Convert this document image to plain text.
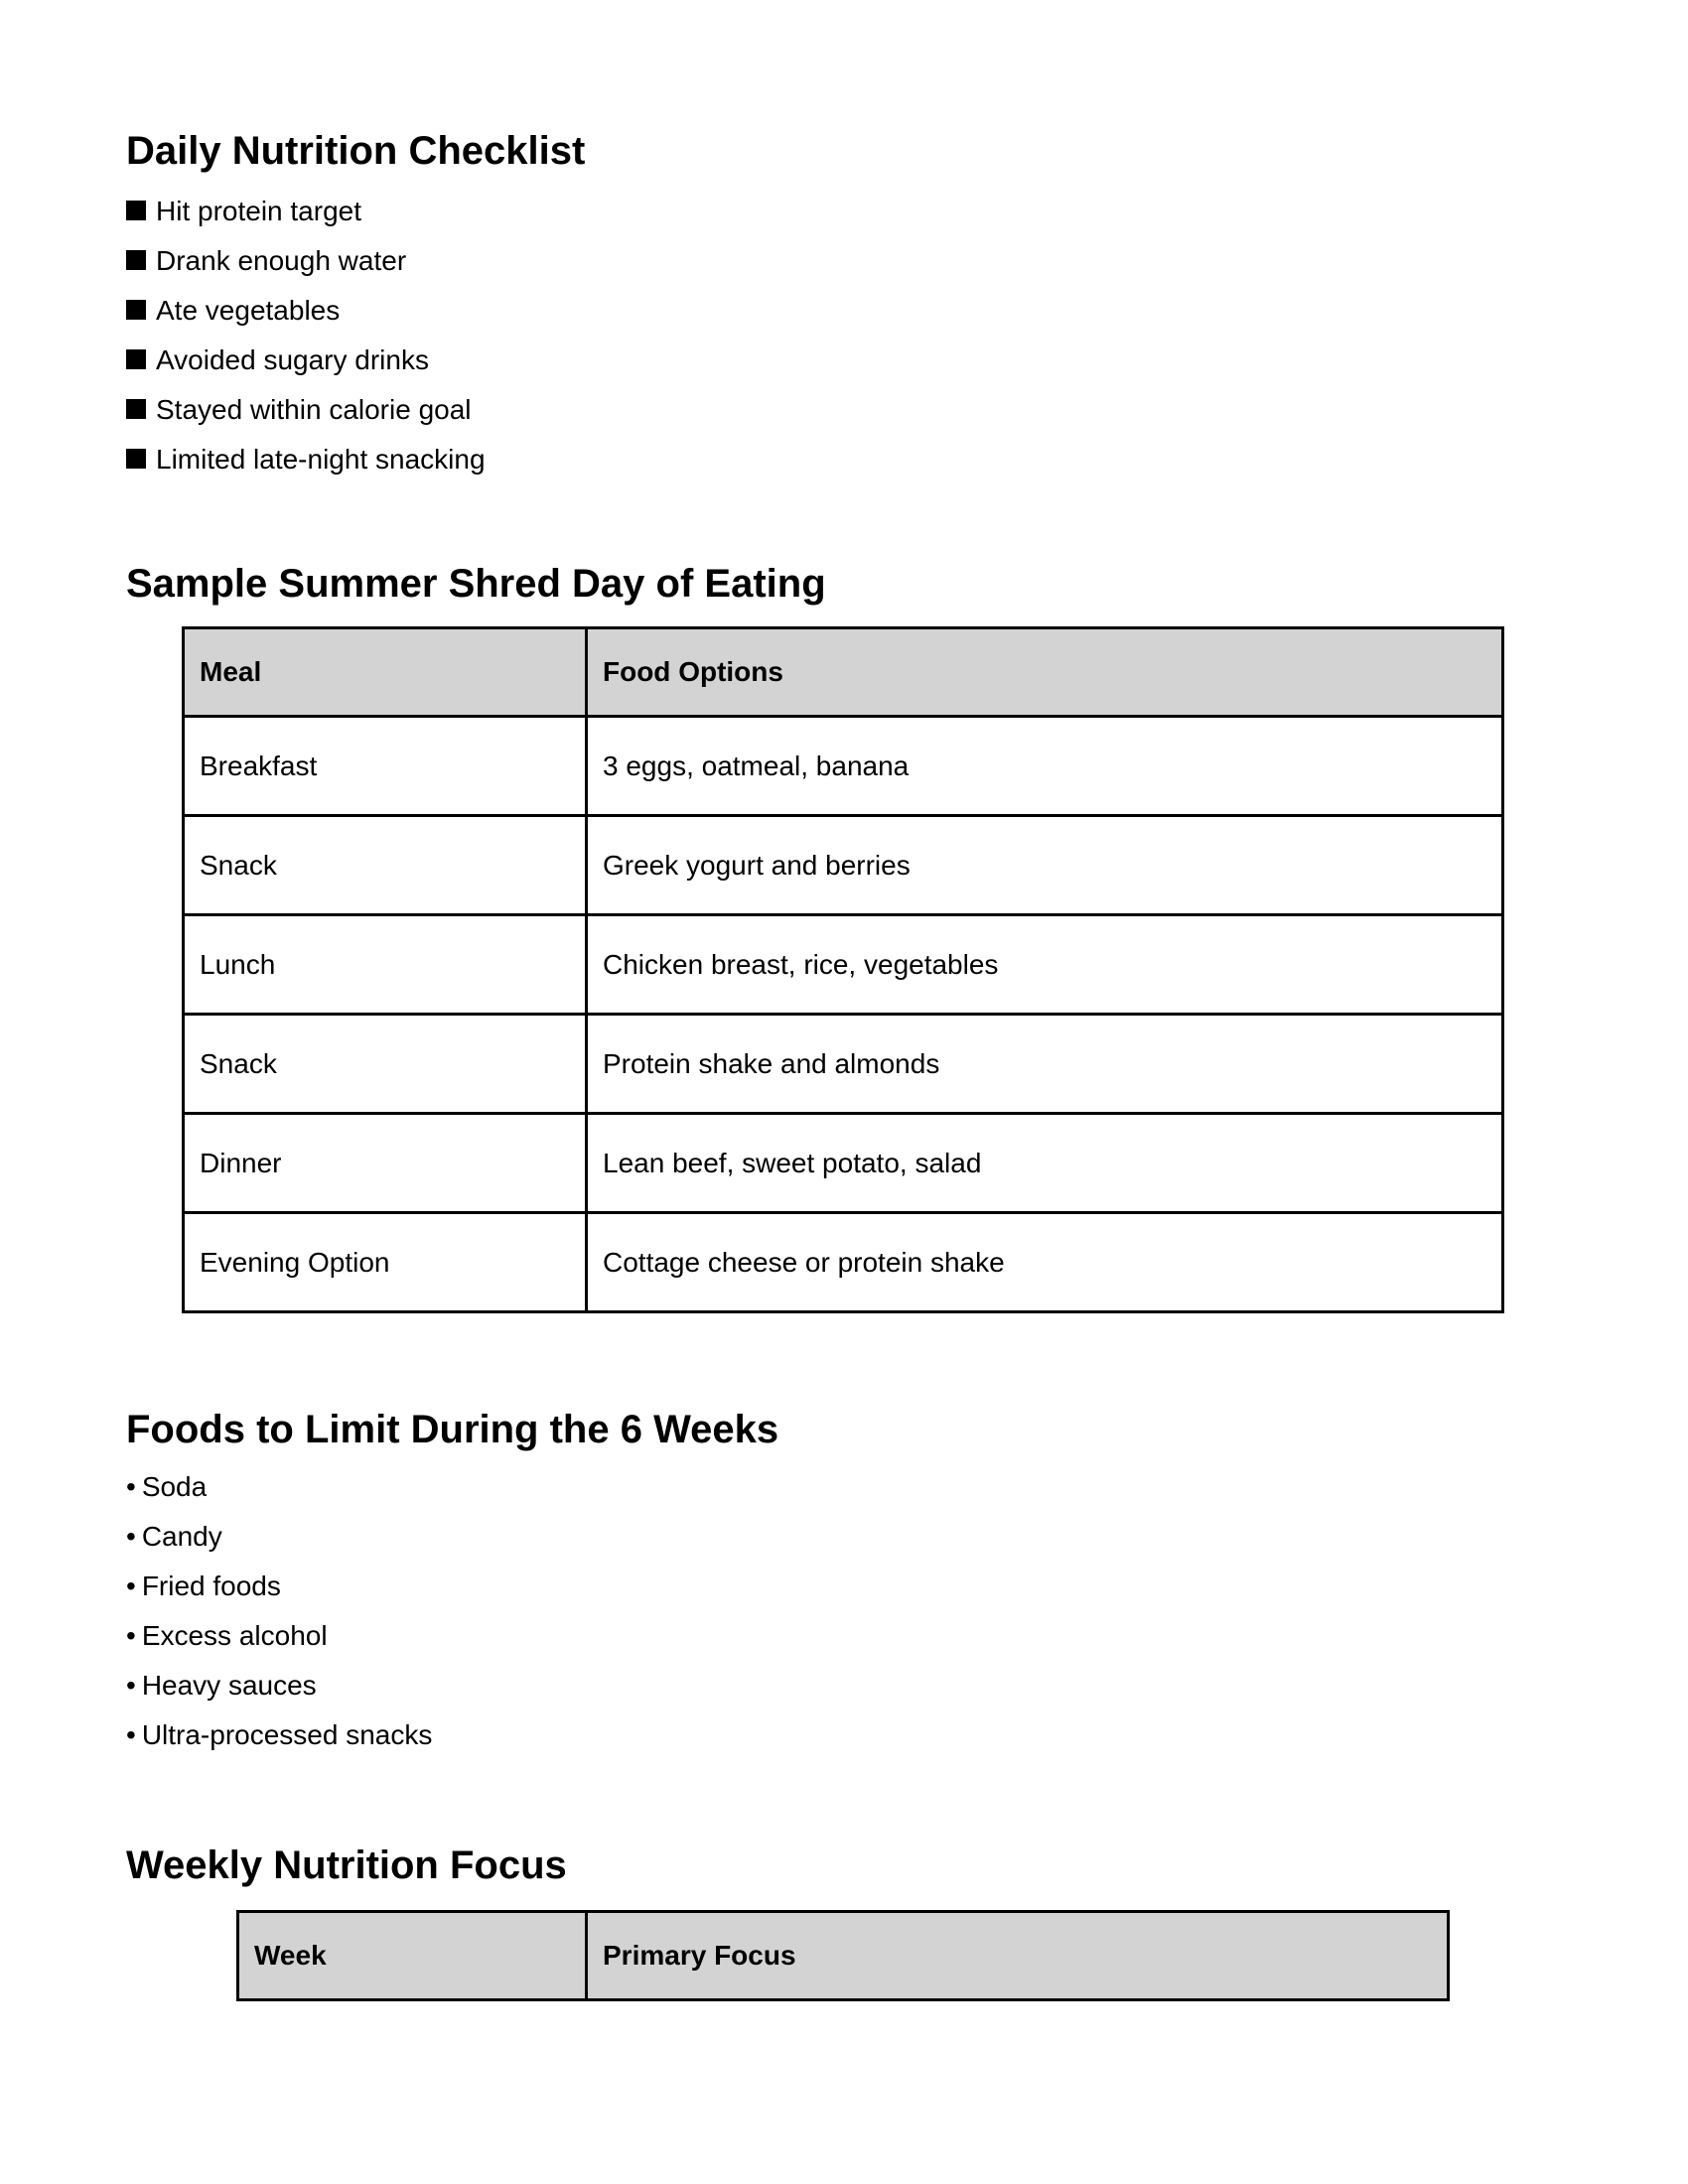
Daily Nutrition Checklist
Hit protein target
Drank enough water
Ate vegetables
Avoided sugary drinks
Stayed within calorie goal
Limited late-night snacking
Sample Summer Shred Day of Eating
Meal	Food Options
Breakfast	3 eggs, oatmeal, banana
Snack	Greek yogurt and berries
Lunch	Chicken breast, rice, vegetables
Snack	Protein shake and almonds
Dinner	Lean beef, sweet potato, salad
Evening Option	Cottage cheese or protein shake
Foods to Limit During the 6 Weeks
• Soda
• Candy
• Fried foods
• Excess alcohol
• Heavy sauces
• Ultra-processed snacks
Weekly Nutrition Focus
Week	Primary Focus
